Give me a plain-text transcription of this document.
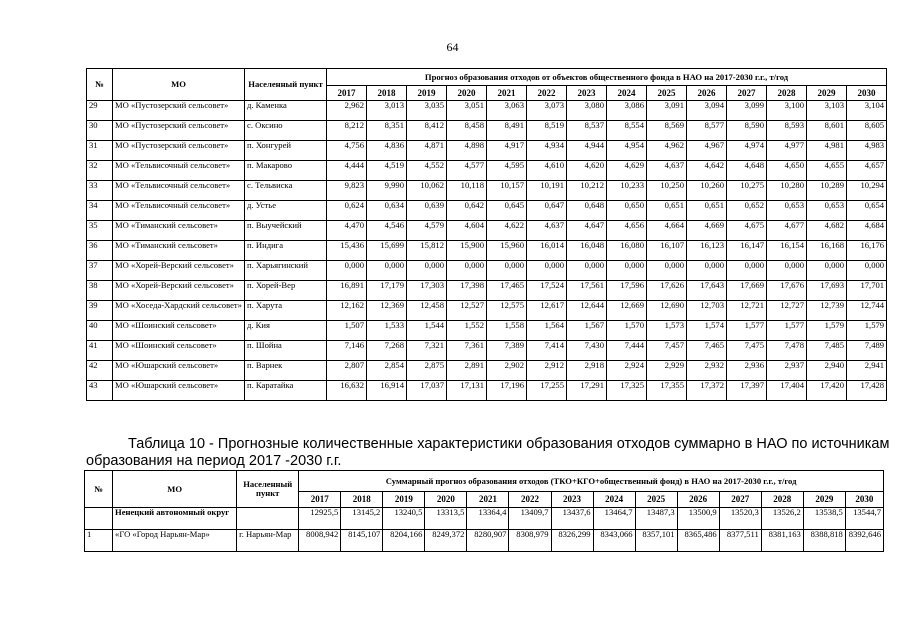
64
№	МО	Населенный пункт	Прогноз образования отходов от объектов общественного фонда в НАО на 2017-2030 г.г., т/год													
			2017	2018	2019	2020	2021	2022	2023	2024	2025	2026	2027	2028	2029	2030
29	МО «Пустозерский сельсовет»	д. Каменка	2,962	3,013	3,035	3,051	3,063	3,073	3,080	3,086	3,091	3,094	3,099	3,100	3,103	3,104
30	МО «Пустозерский сельсовет»	с. Оксино	8,212	8,351	8,412	8,458	8,491	8,519	8,537	8,554	8,569	8,577	8,590	8,593	8,601	8,605
31	МО «Пустозерский сельсовет»	п. Хонгурей	4,756	4,836	4,871	4,898	4,917	4,934	4,944	4,954	4,962	4,967	4,974	4,977	4,981	4,983
32	МО «Тельвисочный сельсовет»	п. Макарово	4,444	4,519	4,552	4,577	4,595	4,610	4,620	4,629	4,637	4,642	4,648	4,650	4,655	4,657
33	МО «Тельвисочный сельсовет»	с. Тельвиска	9,823	9,990	10,062	10,118	10,157	10,191	10,212	10,233	10,250	10,260	10,275	10,280	10,289	10,294
34	МО «Тельвисочный сельсовет»	д. Устье	0,624	0,634	0,639	0,642	0,645	0,647	0,648	0,650	0,651	0,651	0,652	0,653	0,653	0,654
35	МО «Тиманский сельсовет»	п. Выучейский	4,470	4,546	4,579	4,604	4,622	4,637	4,647	4,656	4,664	4,669	4,675	4,677	4,682	4,684
36	МО «Тиманский сельсовет»	п. Индига	15,436	15,699	15,812	15,900	15,960	16,014	16,048	16,080	16,107	16,123	16,147	16,154	16,168	16,176
37	МО «Хорей-Верский сельсовет»	п. Харьягинский	0,000	0,000	0,000	0,000	0,000	0,000	0,000	0,000	0,000	0,000	0,000	0,000	0,000	0,000
38	МО «Хорей-Верский сельсовет»	п. Хорей-Вер	16,891	17,179	17,303	17,398	17,465	17,524	17,561	17,596	17,626	17,643	17,669	17,676	17,693	17,701
39	МО «Хоседа-Хардский сельсовет»	п. Харута	12,162	12,369	12,458	12,527	12,575	12,617	12,644	12,669	12,690	12,703	12,721	12,727	12,739	12,744
40	МО «Шоинский сельсовет»	д. Кия	1,507	1,533	1,544	1,552	1,558	1,564	1,567	1,570	1,573	1,574	1,577	1,577	1,579	1,579
41	МО «Шоинский сельсовет»	п. Шойна	7,146	7,268	7,321	7,361	7,389	7,414	7,430	7,444	7,457	7,465	7,475	7,478	7,485	7,489
42	МО «Юшарский сельсовет»	п. Варнек	2,807	2,854	2,875	2,891	2,902	2,912	2,918	2,924	2,929	2,932	2,936	2,937	2,940	2,941
43	МО «Юшарский сельсовет»	п. Каратайка	16,632	16,914	17,037	17,131	17,196	17,255	17,291	17,325	17,355	17,372	17,397	17,404	17,420	17,428
Таблица 10 - Прогнозные количественные характеристики образования отходов суммарно в НАО по источникам
образования на период 2017 -2030 г.г.
№	МО	Населенный пункт	Суммарный прогноз образования отходов (ТКО+КГО+общественный фонд) в НАО на 2017-2030 г.г., т/год													
			2017	2018	2019	2020	2021	2022	2023	2024	2025	2026	2027	2028	2029	2030
	Ненецкий автономный округ		12925,5	13145,2	13240,5	13313,5	13364,4	13409,7	13437,6	13464,7	13487,3	13500,9	13520,3	13526,2	13538,5	13544,7
1	«ГО «Город Нарьян-Мар»	г. Нарьян-Мар	8008,942	8145,107	8204,166	8249,372	8280,907	8308,979	8326,299	8343,066	8357,101	8365,486	8377,511	8381,163	8388,818	8392,646
